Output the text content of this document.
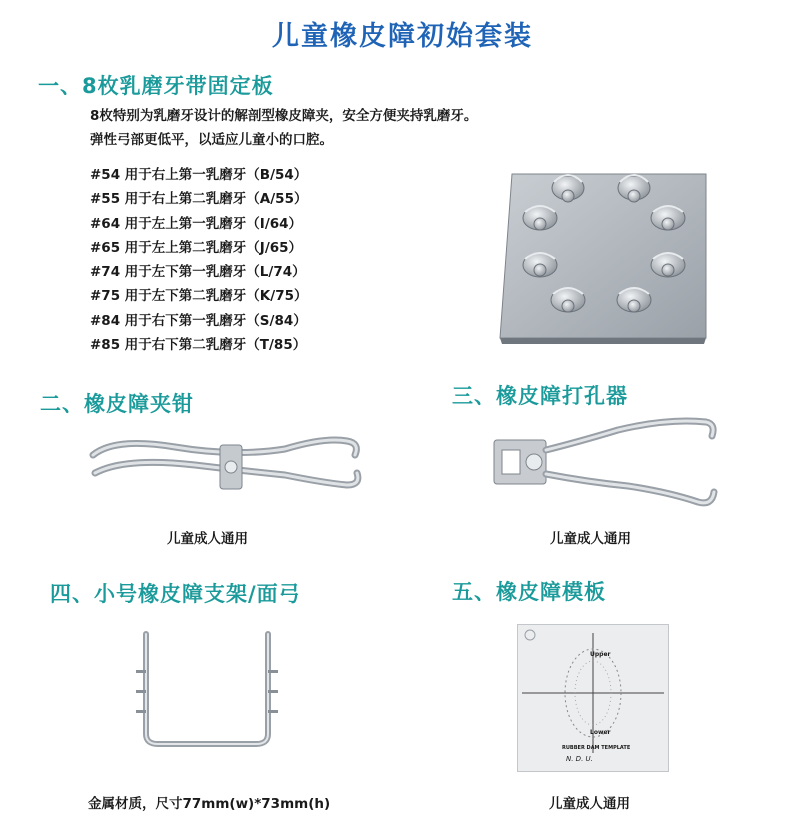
儿童橡皮障初始套装
一、8枚乳磨牙带固定板
8枚特别为乳磨牙设计的解剖型橡皮障夹，安全方便夹持乳磨牙。
弹性弓部更低平，以适应儿童小的口腔。
#54 用于右上第一乳磨牙（B/54）
#55 用于右上第二乳磨牙（A/55）
#64 用于左上第一乳磨牙（I/64）
#65 用于左上第二乳磨牙（J/65）
#74 用于左下第一乳磨牙（L/74）
#75 用于左下第二乳磨牙（K/75）
#84 用于右下第一乳磨牙（S/84）
#85 用于右下第二乳磨牙（T/85）
二、橡皮障夹钳
儿童成人通用
三、橡皮障打孔器
儿童成人通用
四、小号橡皮障支架/面弓
金属材质，尺寸77mm(w)*73mm(h)
五、橡皮障模板
Upper
Lower
RUBBER DAM TEMPLATE
N. D. U.
儿童成人通用
